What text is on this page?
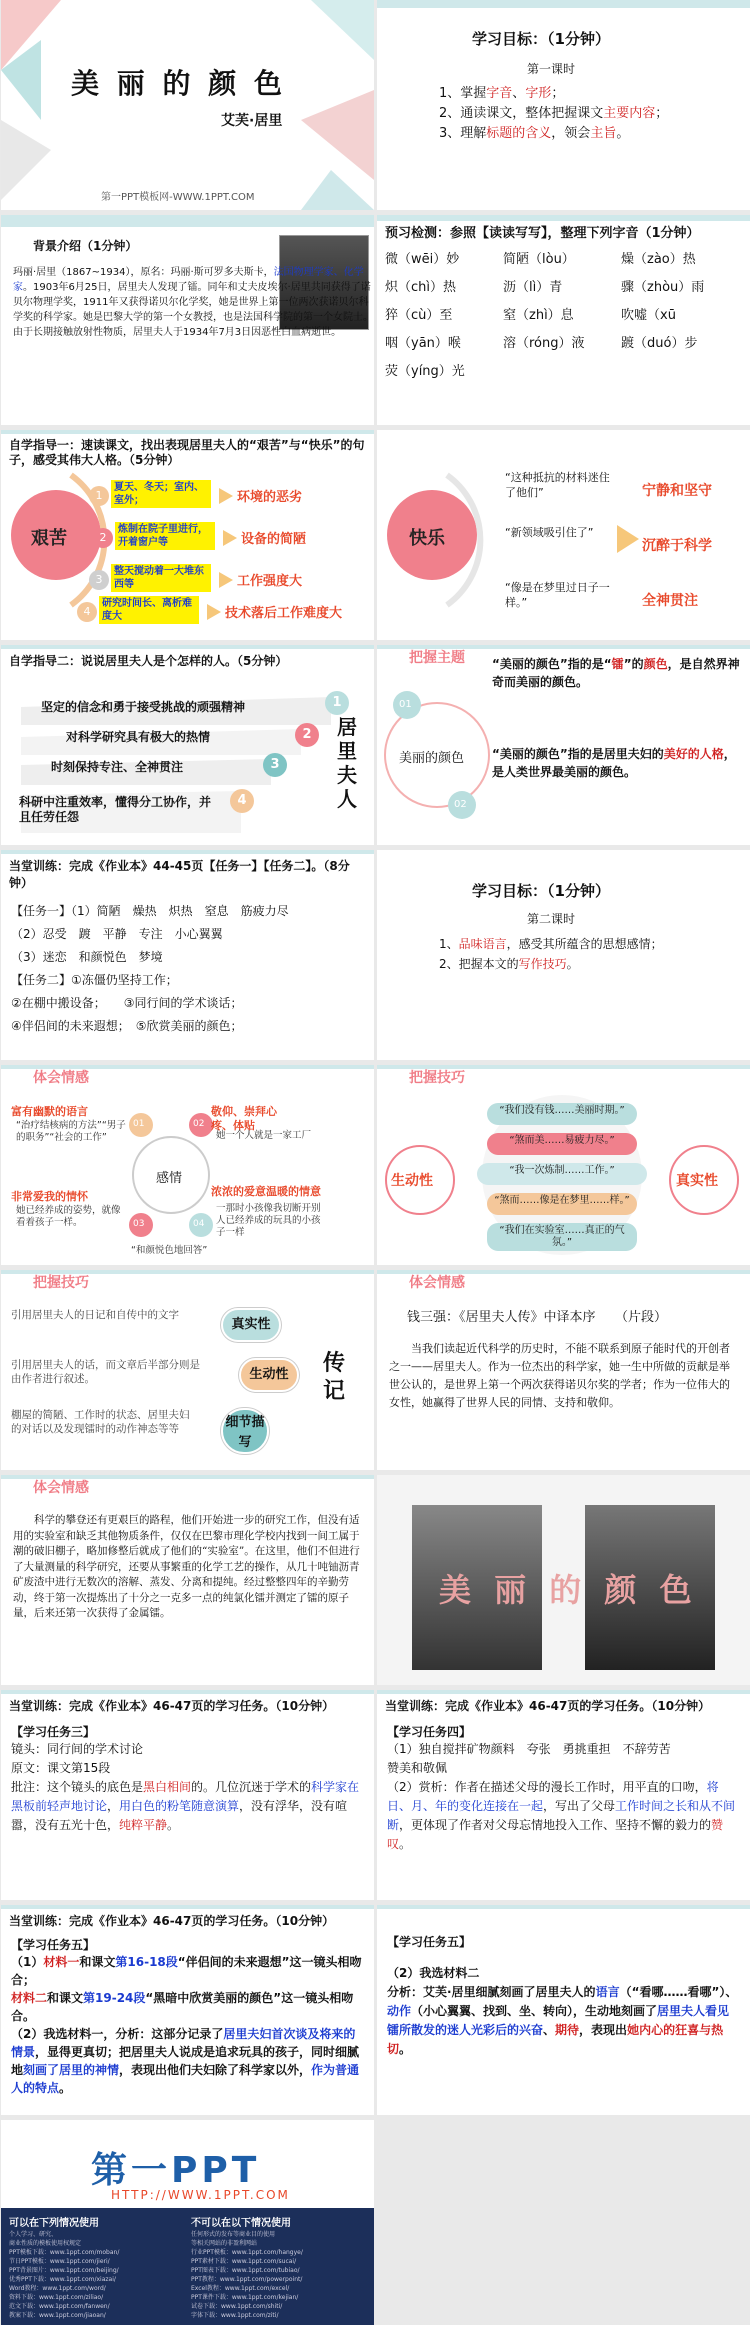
美 丽 的 颜 色
艾芙·居里
第一PPT模板网-WWW.1PPT.COM
学习目标：（1分钟）
第一课时
1、掌握字音、字形；
2、通读课文，整体把握课文主要内容；
3、理解标题的含义，领会主旨。
背景介绍（1分钟）
玛丽·居里（1867~1934），原名：玛丽·斯可罗多夫斯卡，法国物理学家、化学家。1903年6月25日，居里夫人发现了镭。同年和丈夫皮埃尔·居里共同获得了诺贝尔物理学奖，1911年又获得诺贝尔化学奖，她是世界上第一位两次获诺贝尔科学奖的科学家。她是巴黎大学的第一个女教授，也是法国科学院的第一个女院士。由于长期接触放射性物质，居里夫人于1934年7月3日因恶性白血病逝世。
预习检测：参照【读读写写】，整理下列字音（1分钟）
微（wēi）妙	简陋（lòu）	燥（zào）热
炽（chì）热	沥（lì）青	骤（zhòu）雨
猝（cù）至	窒（zhì）息	吹嘘（xū
咽（yān）喉	溶（róng）液	踱（duó）步
荧（yíng）光
自学指导一：速读课文，找出表现居里夫人的“艰苦”与“快乐”的句子，感受其伟大人格。（5分钟）
艰苦
1
2
3
4
夏天、冬天；室内、室外；
炼制在院子里进行，开着窗户等
整天搅动着一大堆东西等
研究时间长、离析难度大
环境的恶劣
设备的简陋
工作强度大
技术落后工作难度大
快乐
“这种抵抗的材料迷住了他们”
“新领域吸引住了”
“像是在梦里过日子一样。”
宁静和坚守
沉醉于科学
全神贯注
自学指导二：说说居里夫人是个怎样的人。（5分钟）
坚定的信念和勇于接受挑战的顽强精神
对科学研究具有极大的热情
时刻保持专注、全神贯注
科研中注重效率，懂得分工协作，并且任劳任怨
1
2
3
4
居里夫人
把握主题
01
02
美丽的颜色
“美丽的颜色”指的是“镭”的颜色，是自然界神奇而美丽的颜色。
“美丽的颜色”指的是居里夫妇的美好的人格，是人类世界最美丽的颜色。
当堂训练：完成《作业本》44-45页【任务一】【任务二】。（8分钟）
【任务一】（1）简陋　燥热　炽热　窒息　筋疲力尽
（2）忍受　踱　平静　专注　小心翼翼
（3）迷恋　和颜悦色　梦境
【任务二】①冻僵仍坚持工作；
②在棚中搬设备；　　③同行间的学术谈话；
④伴侣间的未来遐想；　⑤欣赏美丽的颜色；
学习目标：（1分钟）
第二课时
1、品味语言，感受其所蕴含的思想感情；
2、把握本文的写作技巧。
体会情感
富有幽默的语言	敬仰、崇拜心疼、体贴
浓浓的爱意温暖的情意
非常爱我的情怀
“治疗结核病的方法”“男子的职务”“社会的工作”	她一个人就是一家工厂
她已经养成的姿势，就像看着孩子一样。
“和颜悦色地回答”
一那时小孩像我切断开别人已经养成的玩具的小孩子一样
01	02
03	04
感情
把握技巧
生动性	真实性
“我们没有钱……美丽时期。”
“煞而美……易疲力尽。”
“我一次炼制……工作。”
“煞而……像是在梦里……样。”
“我们在实验室……真正的气氛。”
把握技巧
引用居里夫人的日记和自传中的文字
引用居里夫人的话，而文章后半部分则是由作者进行叙述。
棚屋的简陋、工作时的状态、居里夫妇的对话以及发现镭时的动作神态等等
真实性
生动性
细节描写
传记
体会情感
钱三强：《居里夫人传》中译本序　　（片段）
当我们读起近代科学的历史时，不能不联系到原子能时代的开创者之一——居里夫人。作为一位杰出的科学家，她一生中所做的贡献是举世公认的，是世界上第一个两次获得诺贝尔奖的学者；作为一位伟大的女性，她赢得了世界人民的同情、支持和敬仰。
体会情感
科学的攀登还有更艰巨的路程，他们开始进一步的研究工作，但没有适用的实验室和缺乏其他物质条件，仅仅在巴黎市理化学校内找到一间工属于潮的破旧棚子，略加修整后就成了他们的“实验室”。在这里，他们不但进行了大量测量的科学研究，还要从事繁重的化学工艺的操作，从几十吨铀沥青矿废渣中进行无数次的溶解、蒸发、分离和提纯。经过整整四年的辛勤劳动，终于第一次提炼出了十分之一克多一点的纯氯化镭并测定了镭的原子量，后来还第一次获得了金属镭。
美 丽 的 颜 色
当堂训练：完成《作业本》46-47页的学习任务。（10分钟）
【学习任务三】
镜头：同行间的学术讨论
原文：课文第15段
批注：这个镜头的底色是黑白相间的。几位沉迷于学术的科学家在黑板前轻声地讨论，用白色的粉笔随意演算，没有浮华，没有喧嚣，没有五光十色，纯粹平静。
当堂训练：完成《作业本》46-47页的学习任务。（10分钟）
【学习任务四】
（1）独自搅拌矿物颜料　夸张　勇挑重担　不辞劳苦
赞美和敬佩
（2）赏析：作者在描述父母的漫长工作时，用平直的口吻，将日、月、年的变化连接在一起，写出了父母工作时间之长和从不间断，更体现了作者对父母忘情地投入工作、坚持不懈的毅力的赞叹。
当堂训练：完成《作业本》46-47页的学习任务。（10分钟）
【学习任务五】
（1）材料一和课文第16-18段“伴侣间的未来遐想”这一镜头相吻合；
材料二和课文第19-24段“黑暗中欣赏美丽的颜色”这一镜头相吻合。
（2）我选材料一，分析：这部分记录了居里夫妇首次谈及将来的情景，显得更真切；把居里夫人说成是追求玩具的孩子，同时细腻地刻画了居里的神情，表现出他们夫妇除了科学家以外，作为普通人的特点。
【学习任务五】
（2）我选材料二
分析：艾芙·居里细腻刻画了居里夫人的语言（“看哪……看哪”）、动作（小心翼翼、找到、坐、转向），生动地刻画了居里夫人看见镭所散发的迷人光彩后的兴奋、期待，表现出她内心的狂喜与热切。
第一PPT
HTTP://WWW.1PPT.COM
可以在下列情况使用	不可以在以下情况使用
个人学习、研究、
商业性质的模板使用权规定
PPT模板下载：www.1ppt.com/moban/
节日PPT模板：www.1ppt.com/jieri/
PPT背景图片：www.1ppt.com/beijing/
优秀PPT下载：www.1ppt.com/xiazai/
Word教程：www.1ppt.com/word/
资料下载：www.1ppt.com/ziliao/
范文下载：www.1ppt.com/fanwen/
教案下载：www.1ppt.com/jiaoan/
任何形式的发布等商业目的使用
等相关网站的非盈利网站
行业PPT模板：www.1ppt.com/hangye/
PPT素材下载：www.1ppt.com/sucai/
PPT图表下载：www.1ppt.com/tubiao/
PPT教程：www.1ppt.com/powerpoint/
Excel教程：www.1ppt.com/excel/
PPT课件下载：www.1ppt.com/kejian/
试卷下载：www.1ppt.com/shiti/
字体下载：www.1ppt.com/ziti/
